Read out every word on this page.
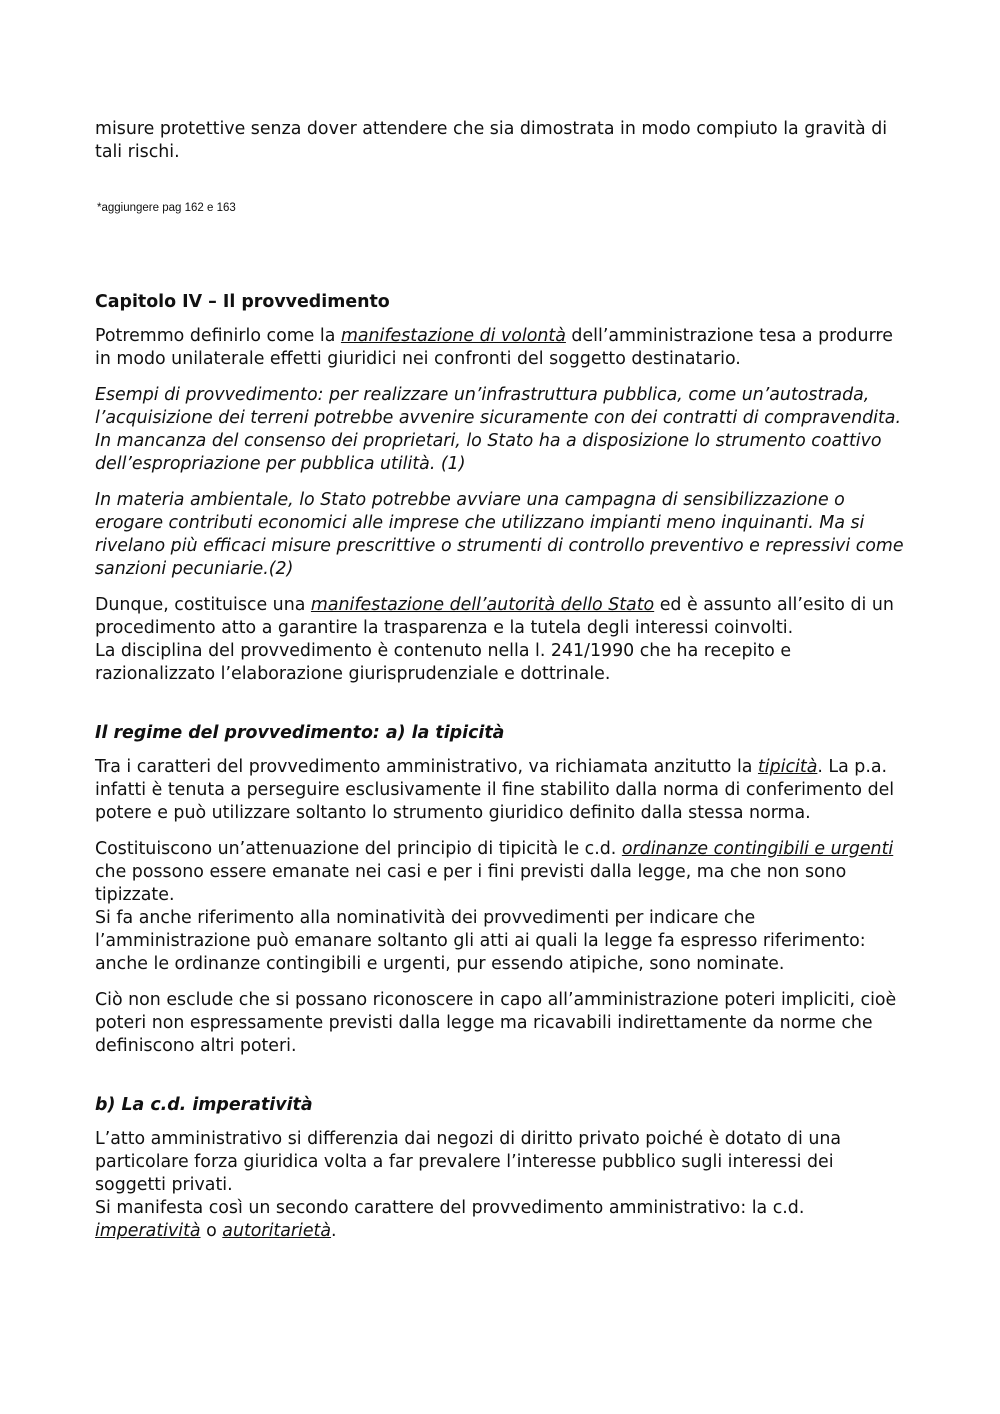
misure protettive senza dover attendere che sia dimostrata in modo compiuto la gravità di tali rischi.

*aggiungere pag 162 e 163

Capitolo IV – Il provvedimento

Potremmo definirlo come la manifestazione di volontà dell’amministrazione tesa a produrre in modo unilaterale effetti giuridici nei confronti del soggetto destinatario.

Esempi di provvedimento: per realizzare un’infrastruttura pubblica, come un’autostrada, l’acquisizione dei terreni potrebbe avvenire sicuramente con dei contratti di compravendita. In mancanza del consenso dei proprietari, lo Stato ha a disposizione lo strumento coattivo dell’espropriazione per pubblica utilità. (1)

In materia ambientale, lo Stato potrebbe avviare una campagna di sensibilizzazione o erogare contributi economici alle imprese che utilizzano impianti meno inquinanti. Ma si rivelano più efficaci misure prescrittive o strumenti di controllo preventivo e repressivi come sanzioni pecuniarie.(2)

Dunque, costituisce una manifestazione dell’autorità dello Stato ed è assunto all’esito di un procedimento atto a garantire la trasparenza e la tutela degli interessi coinvolti.

La disciplina del provvedimento è contenuto nella l. 241/1990 che ha recepito e razionalizzato l’elaborazione giurisprudenziale e dottrinale.

Il regime del provvedimento: a) la tipicità

Tra i caratteri del provvedimento amministrativo, va richiamata anzitutto la tipicità. La p.a. infatti è tenuta a perseguire esclusivamente il fine stabilito dalla norma di conferimento del potere e può utilizzare soltanto lo strumento giuridico definito dalla stessa norma.

Costituiscono un’attenuazione del principio di tipicità le c.d. ordinanze contingibili e urgenti che possono essere emanate nei casi e per i fini previsti dalla legge, ma che non sono tipizzate.

Si fa anche riferimento alla nominatività dei provvedimenti per indicare che l’amministrazione può emanare soltanto gli atti ai quali la legge fa espresso riferimento: anche le ordinanze contingibili e urgenti, pur essendo atipiche, sono nominate.

Ciò non esclude che si possano riconoscere in capo all’amministrazione poteri impliciti, cioè poteri non espressamente previsti dalla legge ma ricavabili indirettamente da norme che definiscono altri poteri.

b) La c.d. imperatività

L’atto amministrativo si differenzia dai negozi di diritto privato poiché è dotato di una particolare forza giuridica volta a far prevalere l’interesse pubblico sugli interessi dei soggetti privati.

Si manifesta così un secondo carattere del provvedimento amministrativo: la c.d. imperatività o autoritarietà.
